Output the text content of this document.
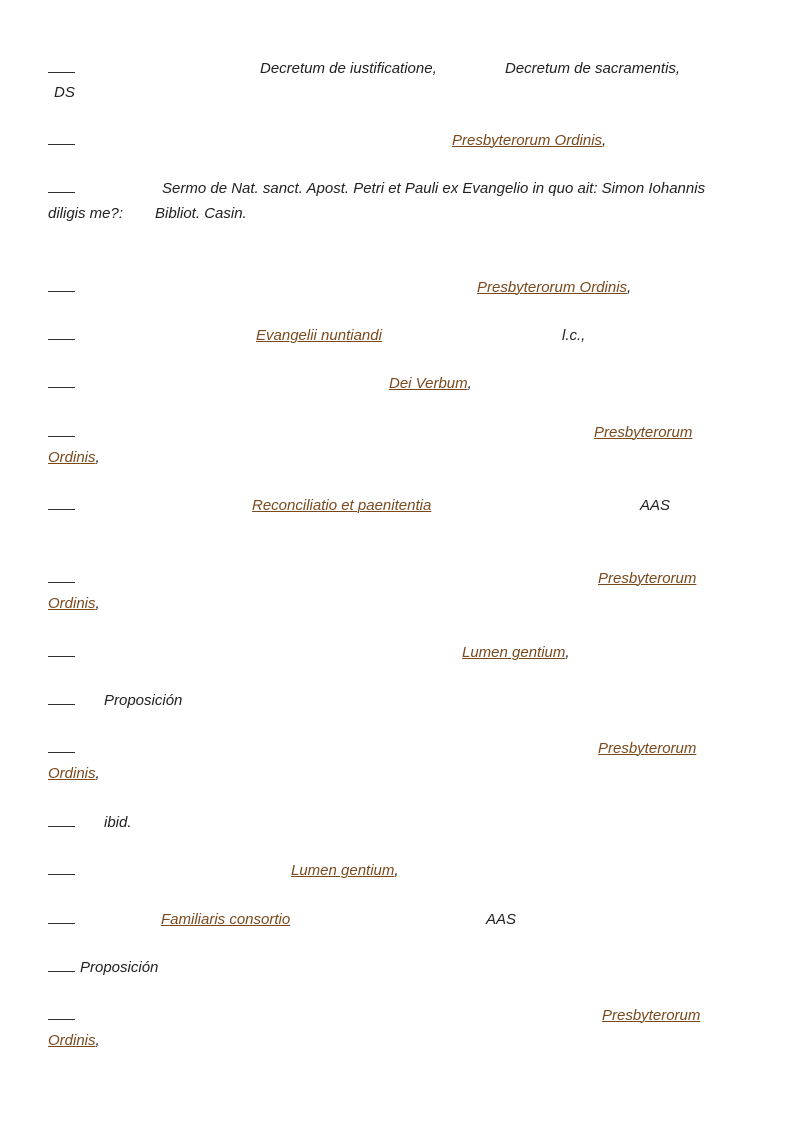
Decretum de iustificatione,	Decretum de sacramentis,
DS
Presbyterorum Ordinis,
Sermo de Nat. sanct. Apost. Petri et Pauli ex Evangelio in quo ait: Simon Iohannis
diligis me?: Bibliot. Casin.
Presbyterorum Ordinis,
Evangelii nuntiandi	l.c.,
Dei Verbum,
Presbyterorum
Ordinis,
Reconciliatio et paenitentia	AAS
Presbyterorum
Ordinis,
Lumen gentium,
Proposición
Presbyterorum
Ordinis,
ibid.
Lumen gentium,
Familiaris consortio	AAS
Proposición
Presbyterorum
Ordinis,
